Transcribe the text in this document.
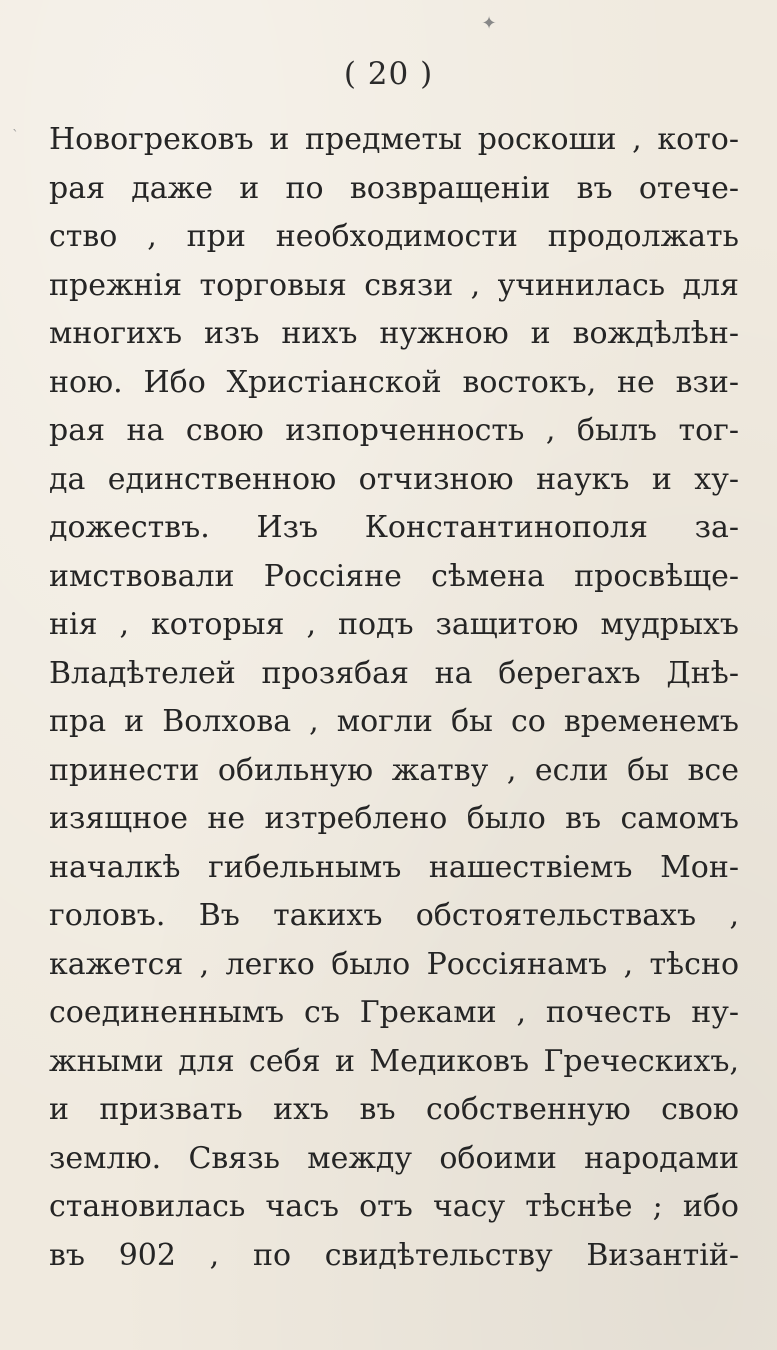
✦
( 20 )
Новогрековъ и предметы роскоши , кото-
рая даже и по возвращенiи въ отече-
ство , при необходимости продолжать
прежнiя торговыя связи , учинилась для
многихъ изъ нихъ нужною и вождѣлѣн-
ною. Ибо Христiанской востокъ, не взи-
рая на свою изпорченность , былъ тог-
да единственною отчизною наукъ и ху-
дожествъ. Изъ Константинополя за-
имствовали Россiяне сѣмена просвѣще-
нiя , которыя , подъ защитою мудрыхъ
Владѣтелей прозябая на берегахъ Днѣ-
пра и Волхова , могли бы со временемъ
принести обильную жатву , если бы все
изящное не изтреблено было въ самомъ
началкѣ гибельнымъ нашествiемъ Мон-
головъ. Въ такихъ обстоятельствахъ ,
кажется , легко было Россiянамъ , тѣсно
соединеннымъ съ Греками , почесть ну-
жными для себя и Медиковъ Греческихъ,
и призвать ихъ въ собственную свою
землю. Связь между обоими народами
становилась часъ отъ часу тѣснѣе ; ибо
въ 902 , по свидѣтельству Византiй-
`
